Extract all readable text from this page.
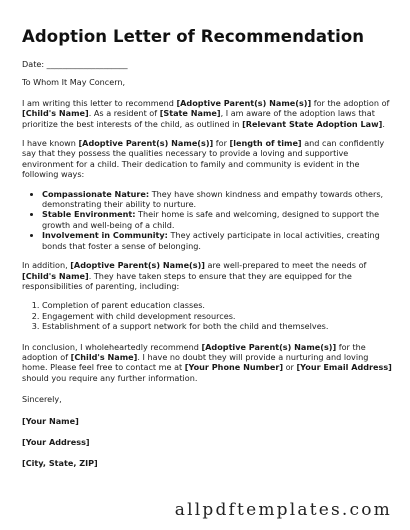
Adoption Letter of Recommendation

Date: ____________________

To Whom It May Concern,

I am writing this letter to recommend [Adoptive Parent(s) Name(s)] for the adoption of [Child's Name]. As a resident of [State Name], I am aware of the adoption laws that prioritize the best interests of the child, as outlined in [Relevant State Adoption Law].

I have known [Adoptive Parent(s) Name(s)] for [length of time] and can confidently say that they possess the qualities necessary to provide a loving and supportive environment for a child. Their dedication to family and community is evident in the following ways:

• Compassionate Nature: They have shown kindness and empathy towards others, demonstrating their ability to nurture.
• Stable Environment: Their home is safe and welcoming, designed to support the growth and well-being of a child.
• Involvement in Community: They actively participate in local activities, creating bonds that foster a sense of belonging.

In addition, [Adoptive Parent(s) Name(s)] are well-prepared to meet the needs of [Child's Name]. They have taken steps to ensure that they are equipped for the responsibilities of parenting, including:

1. Completion of parent education classes.
2. Engagement with child development resources.
3. Establishment of a support network for both the child and themselves.

In conclusion, I wholeheartedly recommend [Adoptive Parent(s) Name(s)] for the adoption of [Child's Name]. I have no doubt they will provide a nurturing and loving home. Please feel free to contact me at [Your Phone Number] or [Your Email Address] should you require any further information.

Sincerely,

[Your Name]

[Your Address]

[City, State, ZIP]

allpdftemplates.com
